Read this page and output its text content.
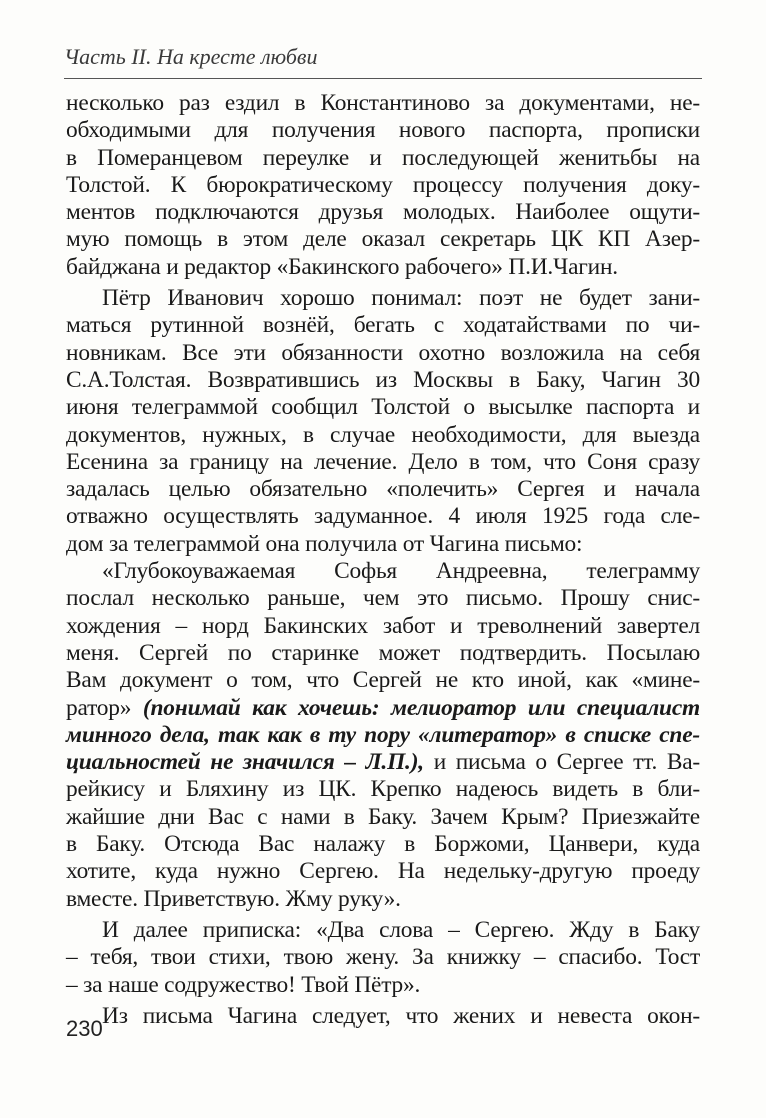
Часть II. На кресте любви

несколько раз ездил в Константиново за документами, не-

обходимыми для получения нового паспорта, прописки

в Померанцевом переулке и последующей женитьбы на

Толстой. К бюрократическому процессу получения доку-

ментов подключаются друзья молодых. Наиболее ощути-

мую помощь в этом деле оказал секретарь ЦК КП Азер-

байджана и редактор «Бакинского рабочего» П.И.Чагин.

Пётр Иванович хорошо понимал: поэт не будет зани-

маться рутинной вознёй, бегать с ходатайствами по чи-

новникам. Все эти обязанности охотно возложила на себя

С.А.Толстая. Возвратившись из Москвы в Баку, Чагин 30

июня телеграммой сообщил Толстой о высылке паспорта и

документов, нужных, в случае необходимости, для выезда

Есенина за границу на лечение. Дело в том, что Соня сразу

задалась целью обязательно «полечить» Сергея и начала

отважно осуществлять задуманное. 4 июля 1925 года сле-

дом за телеграммой она получила от Чагина письмо:

«Глубокоуважаемая Софья Андреевна, телеграмму

послал несколько раньше, чем это письмо. Прошу снис-

хождения – норд Бакинских забот и треволнений завертел

меня. Сергей по старинке может подтвердить. Посылаю

Вам документ о том, что Сергей не кто иной, как «мине-

ратор» (понимай как хочешь: мелиоратор или специалист

минного дела, так как в ту пору «литератор» в списке спе-

циальностей не значился – Л.П.), и письма о Сергее тт. Ва-

рейкису и Бляхину из ЦК. Крепко надеюсь видеть в бли-

жайшие дни Вас с нами в Баку. Зачем Крым? Приезжайте

в Баку. Отсюда Вас налажу в Боржоми, Цанвери, куда

хотите, куда нужно Сергею. На недельку-другую проеду

вместе. Приветствую. Жму руку».

И далее приписка: «Два слова – Сергею. Жду в Баку

– тебя, твои стихи, твою жену. За книжку – спасибо. Тост

– за наше содружество! Твой Пётр».

Из письма Чагина следует, что жених и невеста окон-

230
